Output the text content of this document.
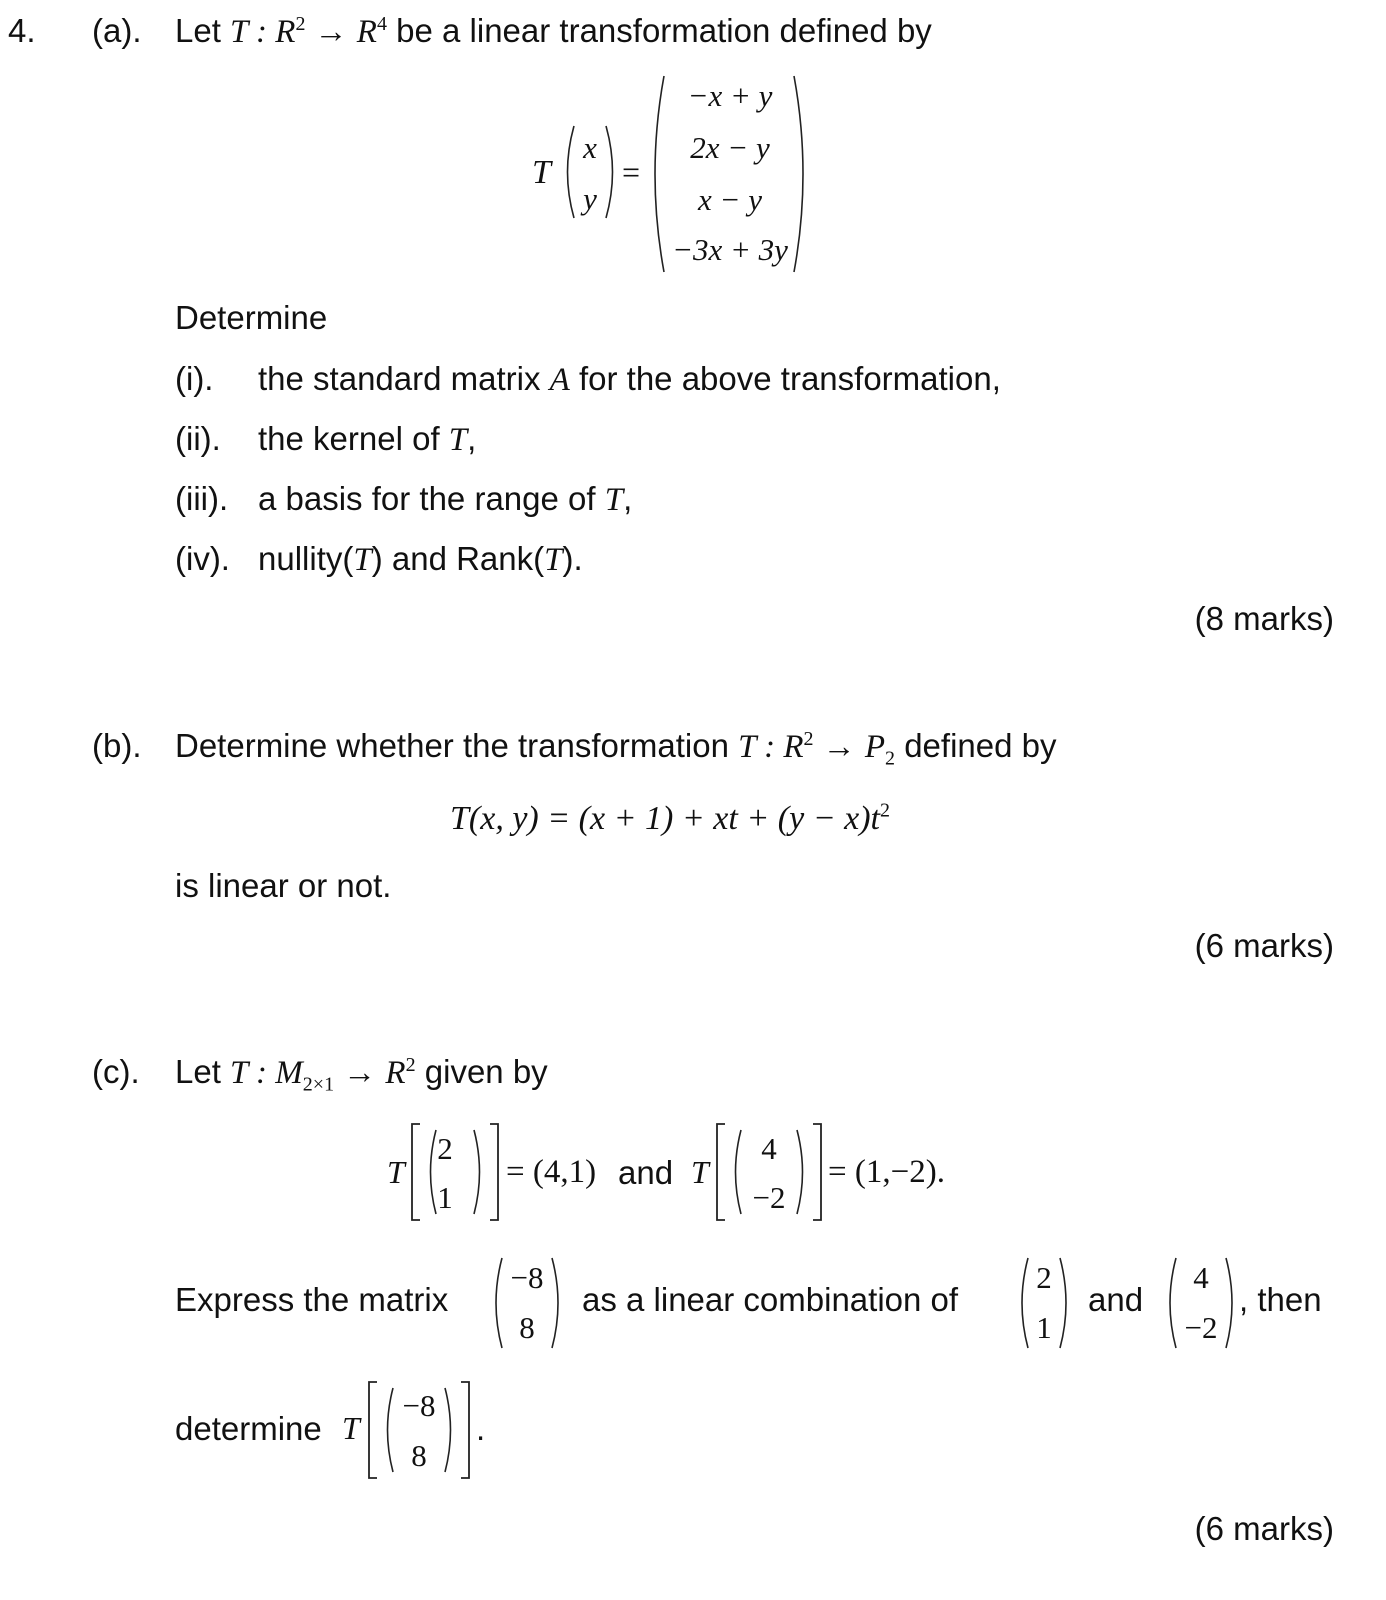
4. (a). Let T : $R^2 \to R^4$ be a linear transformation defined by
T
x
y
=
−x + y
2x − y
x − y
−3x + 3y
Determine
(i). the standard matrix A for the above transformation,
(ii). the kernel of T,
(iii). a basis for the range of T,
(iv). nullity(T) and Rank(T).
(8 marks)
(b). Determine whether the transformation T : $R^2 \to P_2$ defined by
T(x, y) = (x + 1) + xt + $(y - x)t^2$
is linear or not.
(6 marks)
(c). Let T : $M_{2\times 1} \to R^2$ given by
T
2
1
= (4,1) and T
4
−2
= (1,−2).
Express the matrix
−8
8
as a linear combination of
2
1
and
4
−2
, then
determine T
−8
8
.
(6 marks)
